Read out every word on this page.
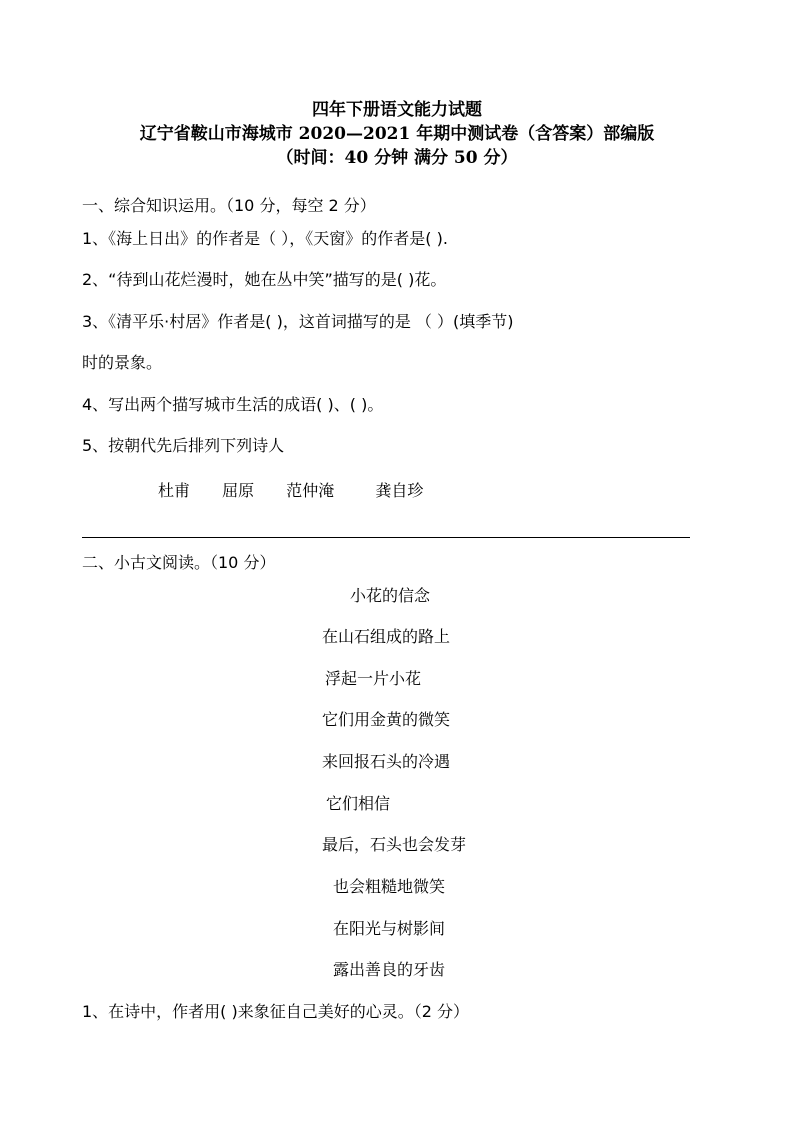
四年下册语文能力试题
辽宁省鞍山市海城市 2020—2021 年期中测试卷（含答案）部编版
（时间：40 分钟 满分 50 分）
一、综合知识运用。（10 分，每空 2 分）
1、《海上日出》的作者是（ ），《天窗》的作者是( ).
2、“待到山花烂漫时，她在丛中笑”描写的是( )花。
3、《清平乐·村居》作者是( )，这首词描写的是 （ ）(填季节)
时的景象。
4、写出两个描写城市生活的成语( )、( )。
5、按朝代先后排列下列诗人
杜甫 屈原 范仲淹	龚自珍
二、小古文阅读。（10 分）
小花的信念
在山石组成的路上
浮起一片小花
它们用金黄的微笑
来回报石头的冷遇
它们相信
最后，石头也会发芽
也会粗糙地微笑
在阳光与树影间
露出善良的牙齿
1、在诗中，作者用( )来象征自己美好的心灵。（2 分）
